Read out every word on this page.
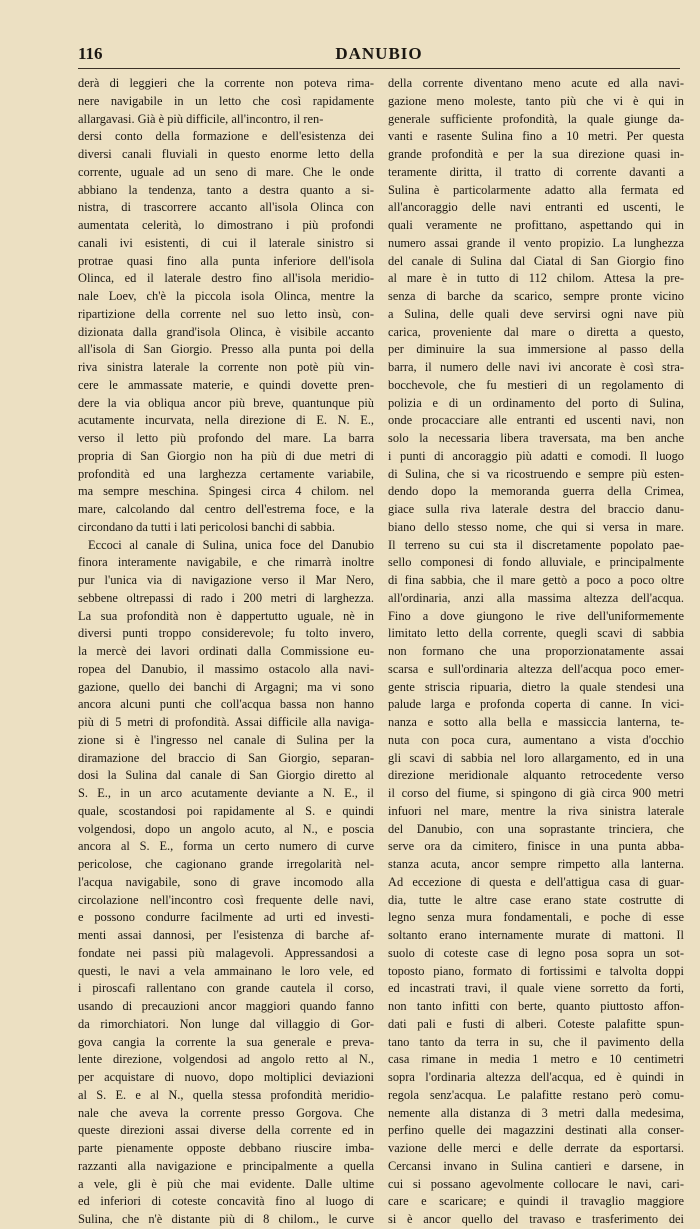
116	DANUBIO
derà di leggieri che la corrente non poteva rima-
nere navigabile in un letto che così rapidamente
allargavasi. Già è più difficile, all'incontro, il ren-
dersi conto della formazione e dell'esistenza dei
diversi canali fluviali in questo enorme letto della
corrente, uguale ad un seno di mare. Che le onde
abbiano la tendenza, tanto a destra quanto a si-
nistra, di trascorrere accanto all'isola Olinca con
aumentata celerità, lo dimostrano i più profondi
canali ivi esistenti, di cui il laterale sinistro si
protrae quasi fino alla punta inferiore dell'isola
Olinca, ed il laterale destro fino all'isola meridio-
nale Loev, ch'è la piccola isola Olinca, mentre la
ripartizione della corrente nel suo letto insù, con-
dizionata dalla grand'isola Olinca, è visibile accanto
all'isola di San Giorgio. Presso alla punta poi della
riva sinistra laterale la corrente non potè più vin-
cere le ammassate materie, e quindi dovette pren-
dere la via obliqua ancor più breve, quantunque più
acutamente incurvata, nella direzione di E. N. E.,
verso il letto più profondo del mare. La barra
propria di San Giorgio non ha più di due metri di
profondità ed una larghezza certamente variabile,
ma sempre meschina. Spingesi circa 4 chilom. nel
mare, calcolando dal centro dell'estrema foce, e la
circondano da tutti i lati pericolosi banchi di sabbia.
Eccoci al canale di Sulina, unica foce del Danubio
finora interamente navigabile, e che rimarrà inoltre
pur l'unica via di navigazione verso il Mar Nero,
sebbene oltrepassi di rado i 200 metri di larghezza.
La sua profondità non è dappertutto uguale, nè in
diversi punti troppo considerevole; fu tolto invero,
la mercè dei lavori ordinati dalla Commissione eu-
ropea del Danubio, il massimo ostacolo alla navi-
gazione, quello dei banchi di Argagni; ma vi sono
ancora alcuni punti che coll'acqua bassa non hanno
più di 5 metri di profondità. Assai difficile alla naviga-
zione si è l'ingresso nel canale di Sulina per la
diramazione del braccio di San Giorgio, separan-
dosi la Sulina dal canale di San Giorgio diretto al
S. E., in un arco acutamente deviante a N. E., il
quale, scostandosi poi rapidamente al S. e quindi
volgendosi, dopo un angolo acuto, al N., e poscia
ancora al S. E., forma un certo numero di curve
pericolose, che cagionano grande irregolarità nel-
l'acqua navigabile, sono di grave incomodo alla
circolazione nell'incontro così frequente delle navi,
e possono condurre facilmente ad urti ed investi-
menti assai dannosi, per l'esistenza di barche af-
fondate nei passi più malagevoli. Appressandosi a
questi, le navi a vela ammainano le loro vele, ed
i piroscafi rallentano con grande cautela il corso,
usando di precauzioni ancor maggiori quando fanno
da rimorchiatori. Non lunge dal villaggio di Gor-
gova cangia la corrente la sua generale e preva-
lente direzione, volgendosi ad angolo retto al N.,
per acquistare di nuovo, dopo moltiplici deviazioni
al S. E. e al N., quella stessa profondità meridio-
nale che aveva la corrente presso Gorgova. Che
queste direzioni assai diverse della corrente ed in
parte pienamente opposte debbano riuscire imba-
razzanti alla navigazione e principalmente a quella
a vele, gli è più che mai evidente. Dalle ultime
ed inferiori di coteste concavità fino al luogo di
Sulina, che n'è distante più di 8 chilom., le curve
della corrente diventano meno acute ed alla navi-
gazione meno moleste, tanto più che vi è qui in
generale sufficiente profondità, la quale giunge da-
vanti e rasente Sulina fino a 10 metri. Per questa
grande profondità e per la sua direzione quasi in-
teramente diritta, il tratto di corrente davanti a
Sulina è particolarmente adatto alla fermata ed
all'ancoraggio delle navi entranti ed uscenti, le
quali veramente ne profittano, aspettando qui in
numero assai grande il vento propizio. La lunghezza
del canale di Sulina dal Ciatal di San Giorgio fino
al mare è in tutto di 112 chilom. Attesa la pre-
senza di barche da scarico, sempre pronte vicino
a Sulina, delle quali deve servirsi ogni nave più
carica, proveniente dal mare o diretta a questo,
per diminuire la sua immersione al passo della
barra, il numero delle navi ivi ancorate è così stra-
bocchevole, che fu mestieri di un regolamento di
polizia e di un ordinamento del porto di Sulina,
onde procacciare alle entranti ed uscenti navi, non
solo la necessaria libera traversata, ma ben anche
i punti di ancoraggio più adatti e comodi. Il luogo
di Sulina, che si va ricostruendo e sempre più esten-
dendo dopo la memoranda guerra della Crimea,
giace sulla riva laterale destra del braccio danu-
biano dello stesso nome, che qui si versa in mare.
Il terreno su cui sta il discretamente popolato pae-
sello componesi di fondo alluviale, e principalmente
di fina sabbia, che il mare gettò a poco a poco oltre
all'ordinaria, anzi alla massima altezza dell'acqua.
Fino a dove giungono le rive dell'uniformemente
limitato letto della corrente, quegli scavi di sabbia
non formano che una proporzionatamente assai
scarsa e sull'ordinaria altezza dell'acqua poco emer-
gente striscia ripuaria, dietro la quale stendesi una
palude larga e profonda coperta di canne. In vici-
nanza e sotto alla bella e massiccia lanterna, te-
nuta con poca cura, aumentano a vista d'occhio
gli scavi di sabbia nel loro allargamento, ed in una
direzione meridionale alquanto retrocedente verso
il corso del fiume, si spingono di già circa 900 metri
infuori nel mare, mentre la riva sinistra laterale
del Danubio, con una soprastante trinciera, che
serve ora da cimitero, finisce in una punta abba-
stanza acuta, ancor sempre rimpetto alla lanterna.
Ad eccezione di questa e dell'attigua casa di guar-
dia, tutte le altre case erano state costrutte di
legno senza mura fondamentali, e poche di esse
soltanto erano internamente murate di mattoni. Il
suolo di coteste case di legno posa sopra un sot-
toposto piano, formato di fortissimi e talvolta doppi
ed incastrati travi, il quale viene sorretto da forti,
non tanto infitti con berte, quanto piuttosto affon-
dati pali e fusti di alberi. Coteste palafitte spun-
tano tanto da terra in su, che il pavimento della
casa rimane in media 1 metro e 10 centimetri
sopra l'ordinaria altezza dell'acqua, ed è quindi in
regola senz'acqua. Le palafitte restano però comu-
nemente alla distanza di 3 metri dalla medesima,
perfino quelle dei magazzini destinati alla conser-
vazione delle merci e delle derrate da esportarsi.
Cercansi invano in Sulina cantieri e darsene, in
cui si possano agevolmente collocare le navi, cari-
care e scaricare; e quindi il travaglio maggiore
si è ancor quello del travaso e trasferimento dei
